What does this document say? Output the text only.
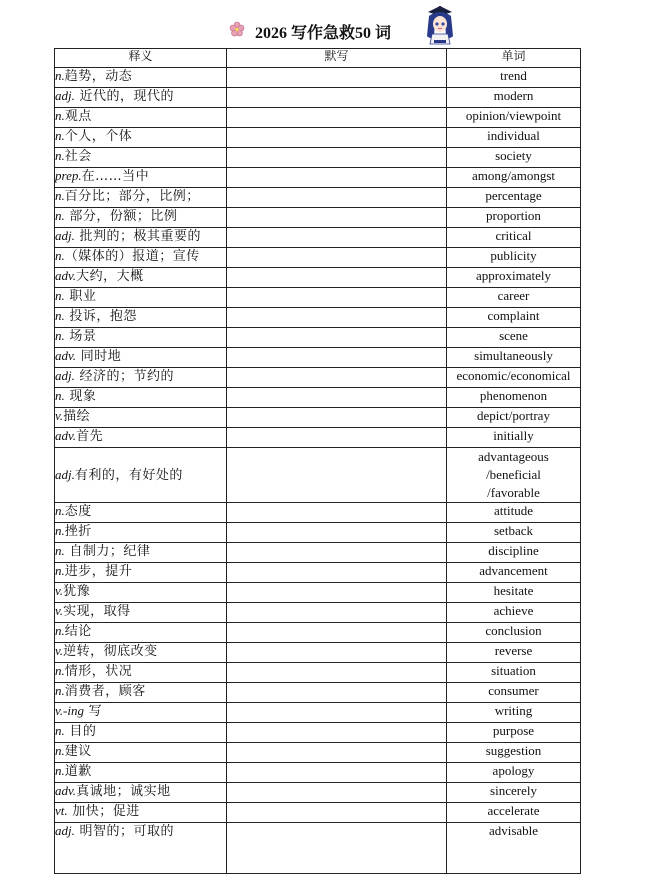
2026 写作急救50 词
释义	默写	单词
n.趋势，动态		trend
adj. 近代的，现代的		modern
n.观点		opinion/viewpoint
n.个人，个体		individual
n.社会		society
prep.在……当中		among/amongst
n.百分比；部分，比例；		percentage
n. 部分，份额；比例		proportion
adj. 批判的；极其重要的		critical
n.（媒体的）报道；宣传		publicity
adv.大约，大概		approximately
n. 职业		career
n. 投诉，抱怨		complaint
n. 场景		scene
adv. 同时地		simultaneously
adj. 经济的；节约的		economic/economical
n. 现象		phenomenon
v.描绘		depict/portray
adv.首先		initially
adj.有利的，有好处的		advantageous
/beneficial
/favorable
n.态度		attitude
n.挫折		setback
n. 自制力；纪律		discipline
n.进步，提升		advancement
v.犹豫		hesitate
v.实现，取得		achieve
n.结论		conclusion
v.逆转，彻底改变		reverse
n.情形，状况		situation
n.消费者，顾客		consumer
v.-ing 写		writing
n. 目的		purpose
n.建议		suggestion
n.道歉		apology
adv.真诚地；诚实地		sincerely
vt. 加快；促进		accelerate
adj. 明智的；可取的		advisable
